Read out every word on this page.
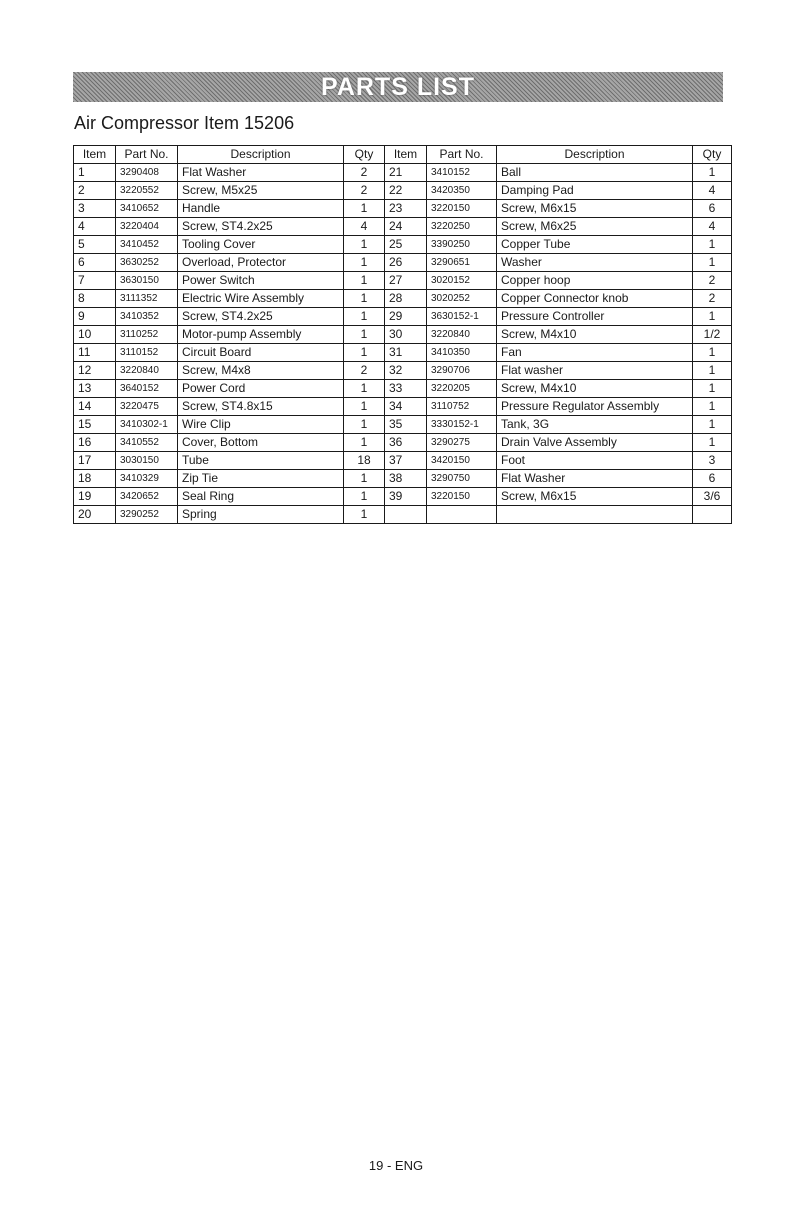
PARTS LIST
Air Compressor Item 15206
Item	Part No.	Description	Qty	Item	Part No.	Description	Qty
1	3290408	Flat Washer	2	21	3410152	Ball	1
2	3220552	Screw, M5x25	2	22	3420350	Damping Pad	4
3	3410652	Handle	1	23	3220150	Screw, M6x15	6
4	3220404	Screw, ST4.2x25	4	24	3220250	Screw, M6x25	4
5	3410452	Tooling Cover	1	25	3390250	Copper Tube	1
6	3630252	Overload, Protector	1	26	3290651	Washer	1
7	3630150	Power Switch	1	27	3020152	Copper hoop	2
8	3111352	Electric Wire Assembly	1	28	3020252	Copper Connector knob	2
9	3410352	Screw, ST4.2x25	1	29	3630152-1	Pressure Controller	1
10	3110252	Motor-pump Assembly	1	30	3220840	Screw, M4x10	1/2
11	3110152	Circuit Board	1	31	3410350	Fan	1
12	3220840	Screw, M4x8	2	32	3290706	Flat washer	1
13	3640152	Power Cord	1	33	3220205	Screw, M4x10	1
14	3220475	Screw, ST4.8x15	1	34	3110752	Pressure Regulator Assembly	1
15	3410302-1	Wire Clip	1	35	3330152-1	Tank, 3G	1
16	3410552	Cover, Bottom	1	36	3290275	Drain Valve Assembly	1
17	3030150	Tube	18	37	3420150	Foot	3
18	3410329	Zip Tie	1	38	3290750	Flat Washer	6
19	3420652	Seal Ring	1	39	3220150	Screw, M6x15	3/6
20	3290252	Spring	1				
19 - ENG
